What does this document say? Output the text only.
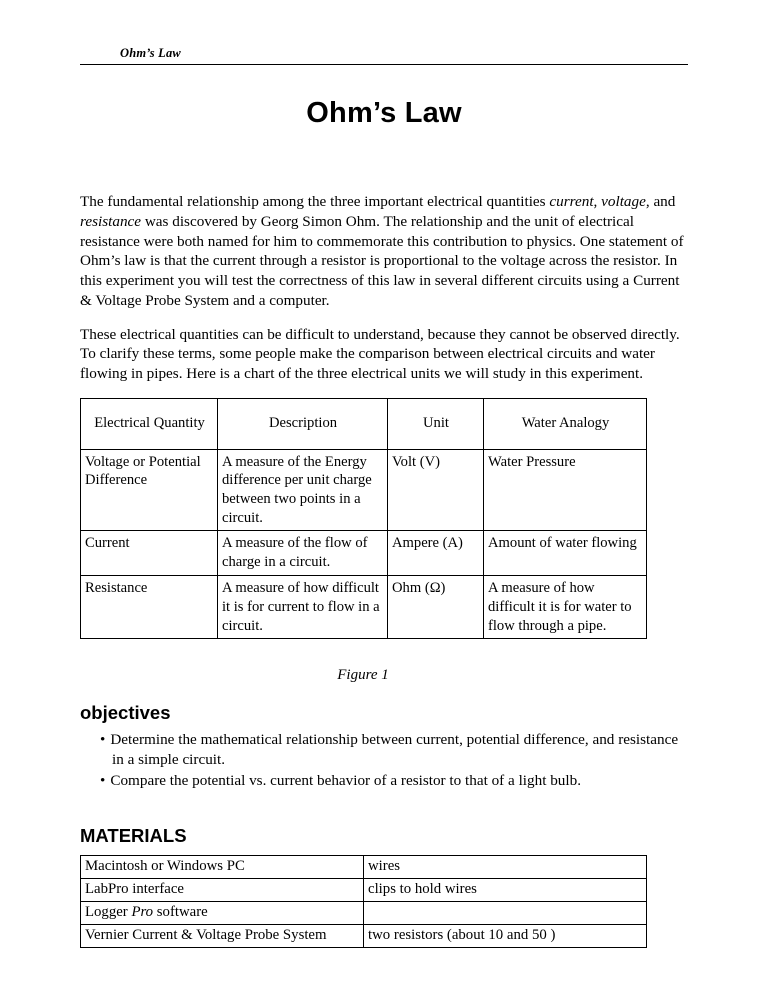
Ohm’s Law
Ohm’s Law

The fundamental relationship among the three important electrical quantities current, voltage, and resistance was discovered by Georg Simon Ohm. The relationship and the unit of electrical resistance were both named for him to commemorate this contribution to physics. One statement of Ohm’s law is that the current through a resistor is proportional to the voltage across the resistor. In this experiment you will test the correctness of this law in several different circuits using a Current & Voltage Probe System and a computer.

These electrical quantities can be difficult to understand, because they cannot be observed directly. To clarify these terms, some people make the comparison between electrical circuits and water flowing in pipes. Here is a chart of the three electrical units we will study in this experiment.

Electrical Quantity	Description	Unit	Water Analogy
Voltage or Potential Difference	A measure of the Energy difference per unit charge between two points in a circuit.	Volt (V)	Water Pressure
Current	A measure of the flow of charge in a circuit.	Ampere (A)	Amount of water flowing
Resistance	A measure of how difficult it is for current to flow in a circuit.	Ohm (Ω)	A measure of how difficult it is for water to flow through a pipe.
Figure 1
objectives
• Determine the mathematical relationship between current, potential difference, and resistance in a simple circuit.
• Compare the potential vs. current behavior of a resistor to that of a light bulb.
MATERIALS
Macintosh or Windows PC	wires
LabPro interface	clips to hold wires
Logger Pro software	
Vernier Current & Voltage Probe System	two resistors (about 10 and 50 )
